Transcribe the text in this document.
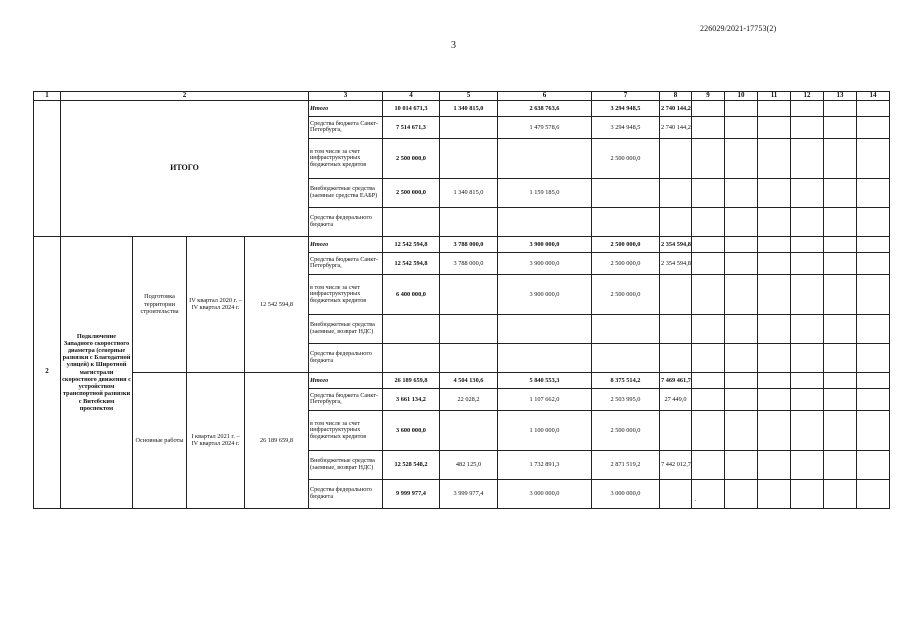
226029/2021-17753(2)
3
1	2				3	4	5	6	7	8	9	10	11	12	13	14
	ИТОГО				Итого	10 014 671,3	1 340 815,0	2 638 763,6	3 294 948,5	2 740 144,2						
					Средства бюджета Санкт-Петербурга,	7 514 671,3		1 479 578,6	3 294 948,5	2 740 144,2						
					в том числе за счет инфраструктурных бюджетных кредитов	2 500 000,0			2 500 000,0							
					Внебюджетные средства (заемные средства ЕАБР)	2 500 000,0	1 340 815,0	1 159 185,0								
					Средства федерального бюджета											
2	Подключение Западного скоростного диаметра (северные развязки с Благодатной улицей) к Широтной магистрали скоростного движения с устройством транспортной развязки с Витебским проспектом	Подготовка территории строительства	IV квартал 2020 г. – IV квартал 2024 г.	12 542 594,8	Итого	12 542 594,8	3 788 000,0	3 900 000,0	2 500 000,0	2 354 594,8						
					Средства бюджета Санкт-Петербурга,	12 542 594,8	3 788 000,0	3 900 000,0	2 500 000,0	2 354 594,8						
					в том числе за счет инфраструктурных бюджетных кредитов	6 400 000,0		3 900 000,0	2 500 000,0							
					Внебюджетные средства (заемные, возврат НДС)											
					Средства федерального бюджета											
		Основные работы	I квартал 2021 г. – IV квартал 2024 г.	26 189 659,8	Итого	26 189 659,8	4 504 130,6	5 840 553,3	8 375 514,2	7 469 461,7						
					Средства бюджета Санкт-Петербурга,	3 661 134,2	22 028,2	1 107 662,0	2 503 995,0	27 449,0						
					в том числе за счет инфраструктурных бюджетных кредитов	3 600 000,0		1 100 000,0	2 500 000,0							
					Внебюджетные средства (заемные, возврат НДС)	12 528 548,2	482 125,0	1 732 891,3	2 871 519,2	7 442 012,7						
					Средства федерального бюджета	9 999 977,4	3 999 977,4	3 000 000,0	3 000 000,0		.					
